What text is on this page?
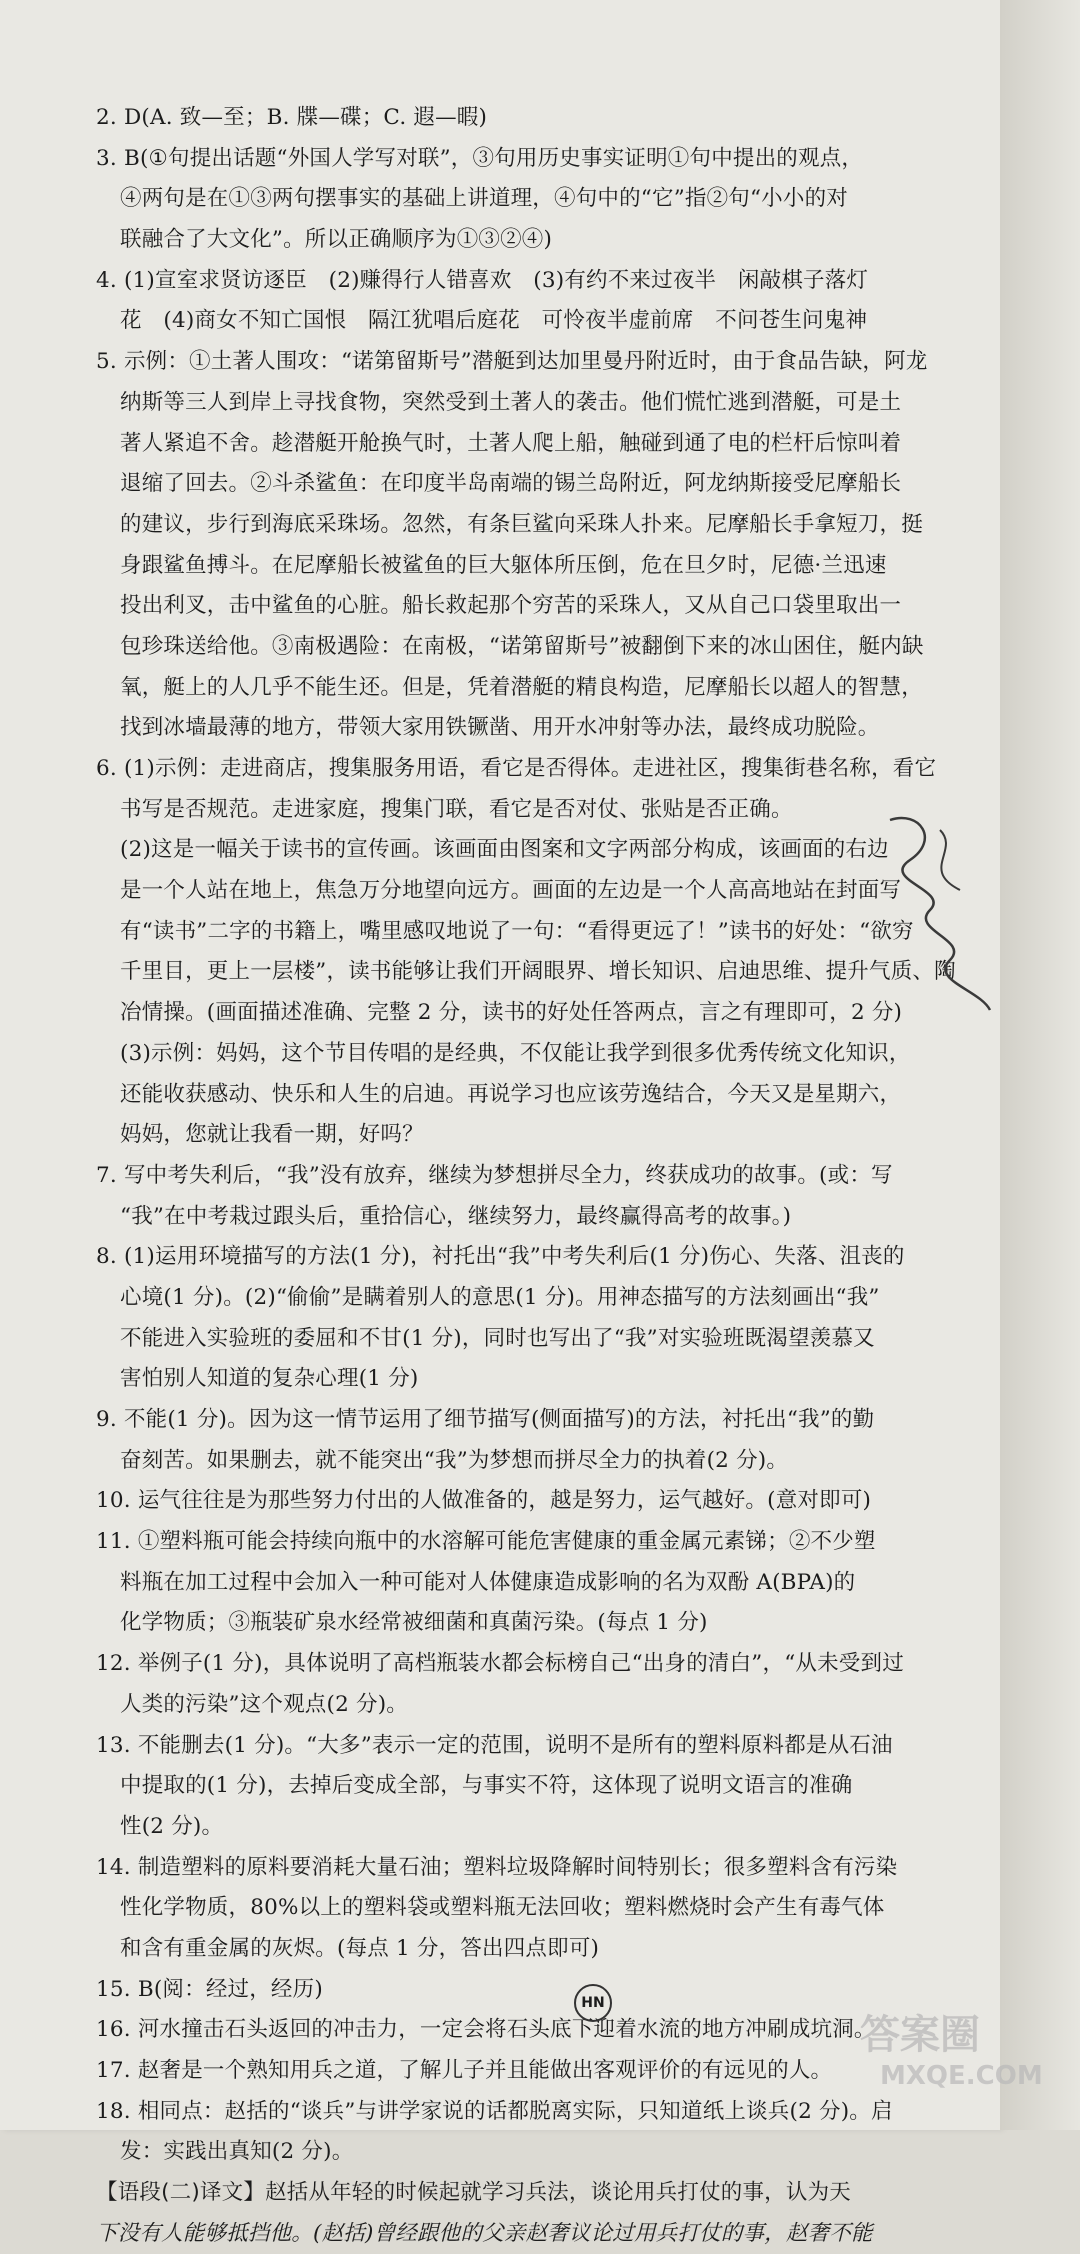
2. D(A. 致—至；B. 牒—碟；C. 遐—暇)
3. B(①句提出话题“外国人学写对联”，③句用历史事实证明①句中提出的观点，
④两句是在①③两句摆事实的基础上讲道理，④句中的“它”指②句“小小的对
联融合了大文化”。所以正确顺序为①③②④)
4. (1)宣室求贤访逐臣　(2)赚得行人错喜欢　(3)有约不来过夜半　闲敲棋子落灯
花　(4)商女不知亡国恨　隔江犹唱后庭花　可怜夜半虚前席　不问苍生问鬼神
5. 示例：①土著人围攻：“诺第留斯号”潜艇到达加里曼丹附近时，由于食品告缺，阿龙
纳斯等三人到岸上寻找食物，突然受到土著人的袭击。他们慌忙逃到潜艇，可是土
著人紧追不舍。趁潜艇开舱换气时，土著人爬上船，触碰到通了电的栏杆后惊叫着
退缩了回去。②斗杀鲨鱼：在印度半岛南端的锡兰岛附近，阿龙纳斯接受尼摩船长
的建议，步行到海底采珠场。忽然，有条巨鲨向采珠人扑来。尼摩船长手拿短刀，挺
身跟鲨鱼搏斗。在尼摩船长被鲨鱼的巨大躯体所压倒，危在旦夕时，尼德·兰迅速
投出利叉，击中鲨鱼的心脏。船长救起那个穷苦的采珠人，又从自己口袋里取出一
包珍珠送给他。③南极遇险：在南极，“诺第留斯号”被翻倒下来的冰山困住，艇内缺
氧，艇上的人几乎不能生还。但是，凭着潜艇的精良构造，尼摩船长以超人的智慧，
找到冰墙最薄的地方，带领大家用铁镢凿、用开水冲射等办法，最终成功脱险。
6. (1)示例：走进商店，搜集服务用语，看它是否得体。走进社区，搜集街巷名称，看它
书写是否规范。走进家庭，搜集门联，看它是否对仗、张贴是否正确。
(2)这是一幅关于读书的宣传画。该画面由图案和文字两部分构成，该画面的右边
是一个人站在地上，焦急万分地望向远方。画面的左边是一个人高高地站在封面写
有“读书”二字的书籍上，嘴里感叹地说了一句：“看得更远了！”读书的好处：“欲穷
千里目，更上一层楼”，读书能够让我们开阔眼界、增长知识、启迪思维、提升气质、陶
冶情操。(画面描述准确、完整 2 分，读书的好处任答两点，言之有理即可，2 分)
(3)示例：妈妈，这个节目传唱的是经典，不仅能让我学到很多优秀传统文化知识，
还能收获感动、快乐和人生的启迪。再说学习也应该劳逸结合，今天又是星期六，
妈妈，您就让我看一期，好吗？
7. 写中考失利后，“我”没有放弃，继续为梦想拼尽全力，终获成功的故事。(或：写
“我”在中考栽过跟头后，重拾信心，继续努力，最终赢得高考的故事。)
8. (1)运用环境描写的方法(1 分)，衬托出“我”中考失利后(1 分)伤心、失落、沮丧的
心境(1 分)。(2)“偷偷”是瞒着别人的意思(1 分)。用神态描写的方法刻画出“我”
不能进入实验班的委屈和不甘(1 分)，同时也写出了“我”对实验班既渴望羡慕又
害怕别人知道的复杂心理(1 分)
9. 不能(1 分)。因为这一情节运用了细节描写(侧面描写)的方法，衬托出“我”的勤
奋刻苦。如果删去，就不能突出“我”为梦想而拼尽全力的执着(2 分)。
10. 运气往往是为那些努力付出的人做准备的，越是努力，运气越好。(意对即可)
11. ①塑料瓶可能会持续向瓶中的水溶解可能危害健康的重金属元素锑；②不少塑
料瓶在加工过程中会加入一种可能对人体健康造成影响的名为双酚 A(BPA)的
化学物质；③瓶装矿泉水经常被细菌和真菌污染。(每点 1 分)
12. 举例子(1 分)，具体说明了高档瓶装水都会标榜自己“出身的清白”，“从未受到过
人类的污染”这个观点(2 分)。
13. 不能删去(1 分)。“大多”表示一定的范围，说明不是所有的塑料原料都是从石油
中提取的(1 分)，去掉后变成全部，与事实不符，这体现了说明文语言的准确
性(2 分)。
14. 制造塑料的原料要消耗大量石油；塑料垃圾降解时间特别长；很多塑料含有污染
性化学物质，80%以上的塑料袋或塑料瓶无法回收；塑料燃烧时会产生有毒气体
和含有重金属的灰烬。(每点 1 分，答出四点即可)
15. B(阅：经过，经历)
16. 河水撞击石头返回的冲击力，一定会将石头底下迎着水流的地方冲刷成坑洞。
17. 赵奢是一个熟知用兵之道，了解儿子并且能做出客观评价的有远见的人。
18. 相同点：赵括的“谈兵”与讲学家说的话都脱离实际，只知道纸上谈兵(2 分)。启
发：实践出真知(2 分)。
【语段(二)译文】赵括从年轻的时候起就学习兵法，谈论用兵打仗的事，认为天
下没有人能够抵挡他。(赵括)曾经跟他的父亲赵奢议论过用兵打仗的事，赵奢不能
HN
答案圈
MXQE.COM
